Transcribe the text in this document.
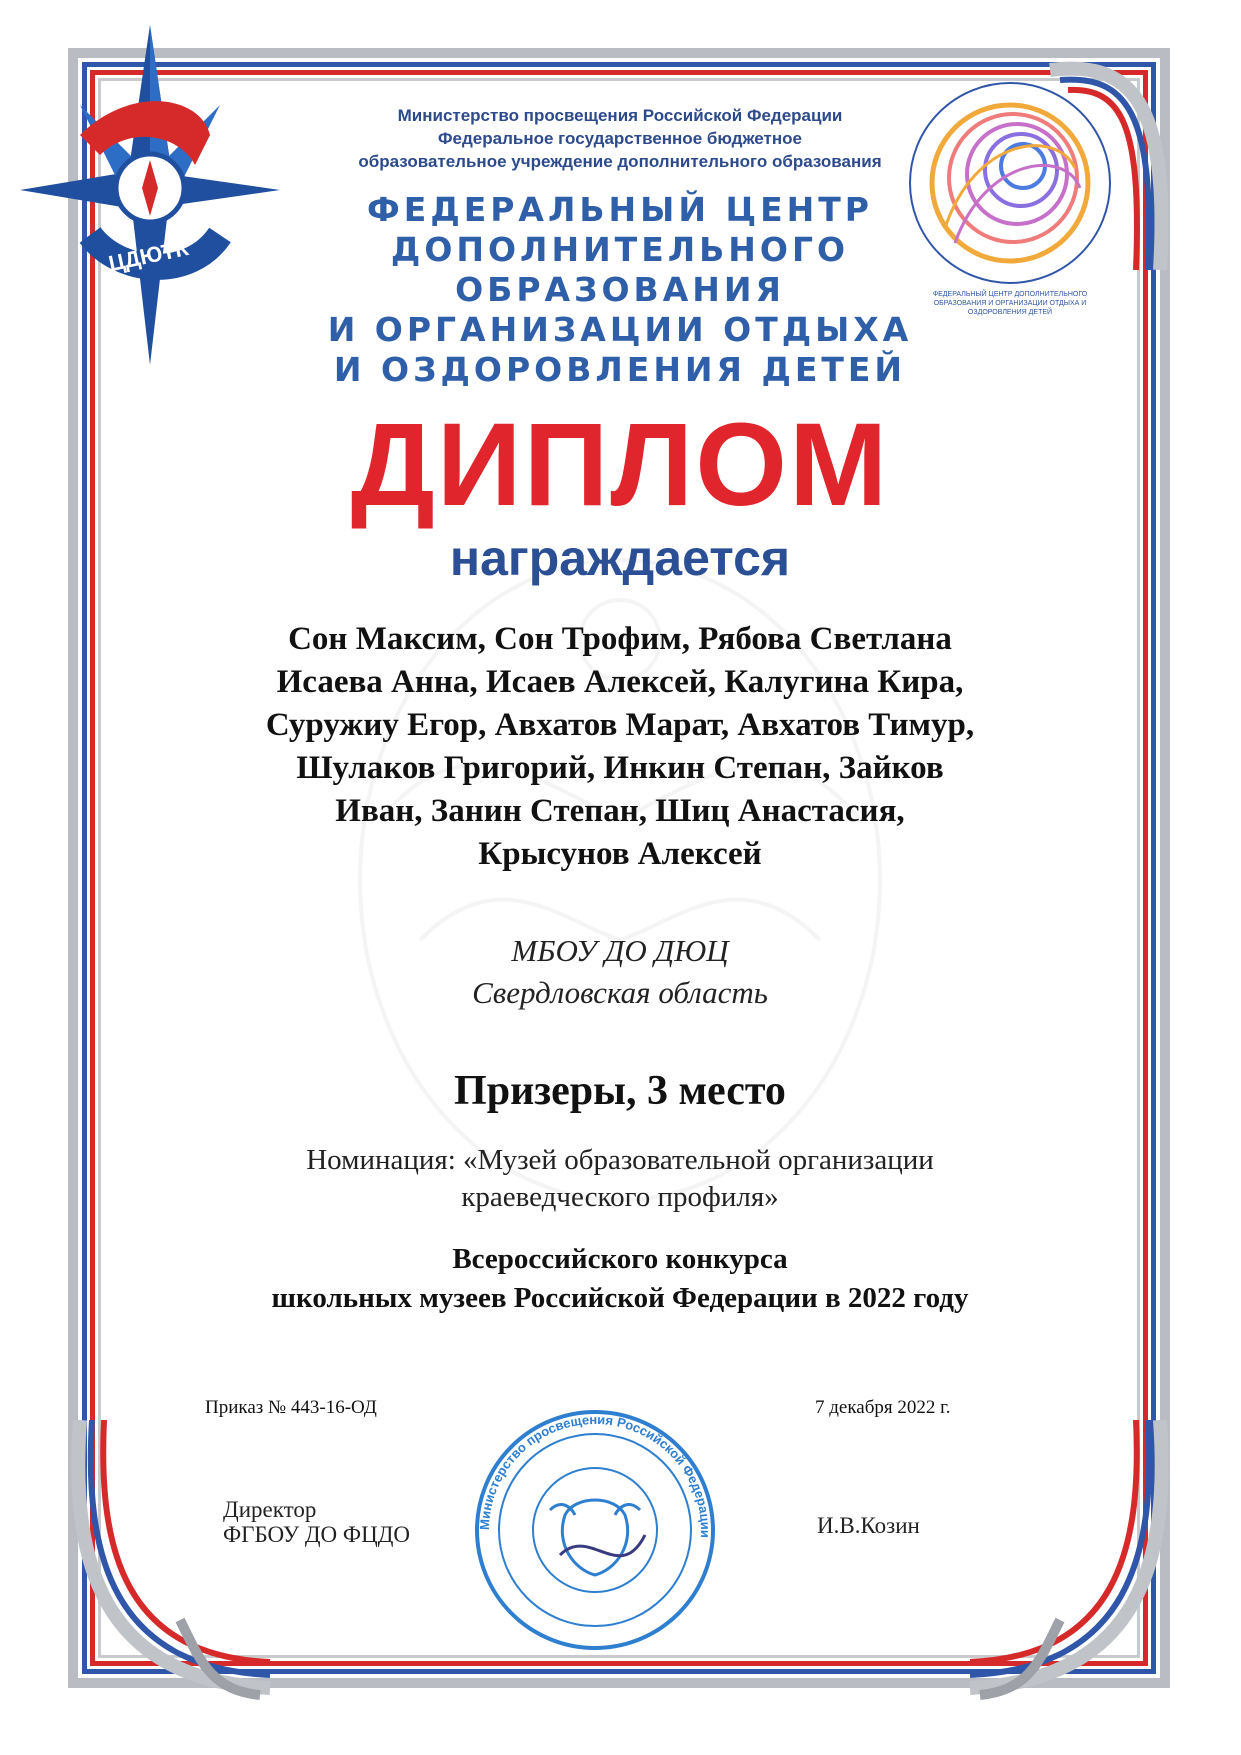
ЦДЮТК
ФЕДЕРАЛЬНЫЙ ЦЕНТР ДОПОЛНИТЕЛЬНОГО ОБРАЗОВАНИЯ И ОРГАНИЗАЦИИ ОТДЫХА И ОЗДОРОВЛЕНИЯ ДЕТЕЙ
Министерство просвещения Российской Федерации
Федеральное государственное бюджетное
образовательное учреждение дополнительного образования
ФЕДЕРАЛЬНЫЙ ЦЕНТР
ДОПОЛНИТЕЛЬНОГО
ОБРАЗОВАНИЯ
И ОРГАНИЗАЦИИ ОТДЫХА
И ОЗДОРОВЛЕНИЯ ДЕТЕЙ
ДИПЛОМ
награждается
Сон Максим, Сон Трофим, Рябова Светлана
Исаева Анна, Исаев Алексей, Калугина Кира,
Суружиу Егор, Авхатов Марат, Авхатов Тимур,
Шулаков Григорий, Инкин Степан, Зайков
Иван, Занин Степан, Шиц Анастасия,
Крысунов Алексей
МБОУ ДО ДЮЦ
Свердловская область
Призеры, 3 место
Номинация: «Музей образовательной организации
краеведческого профиля»
Всероссийского конкурса
школьных музеев Российской Федерации в 2022 году
Приказ № 443-16-ОД	7 декабря 2022 г.
Министерство просвещения Российской Федерации
Директор
ФГБОУ ДО ФЦДО	И.В.Козин
